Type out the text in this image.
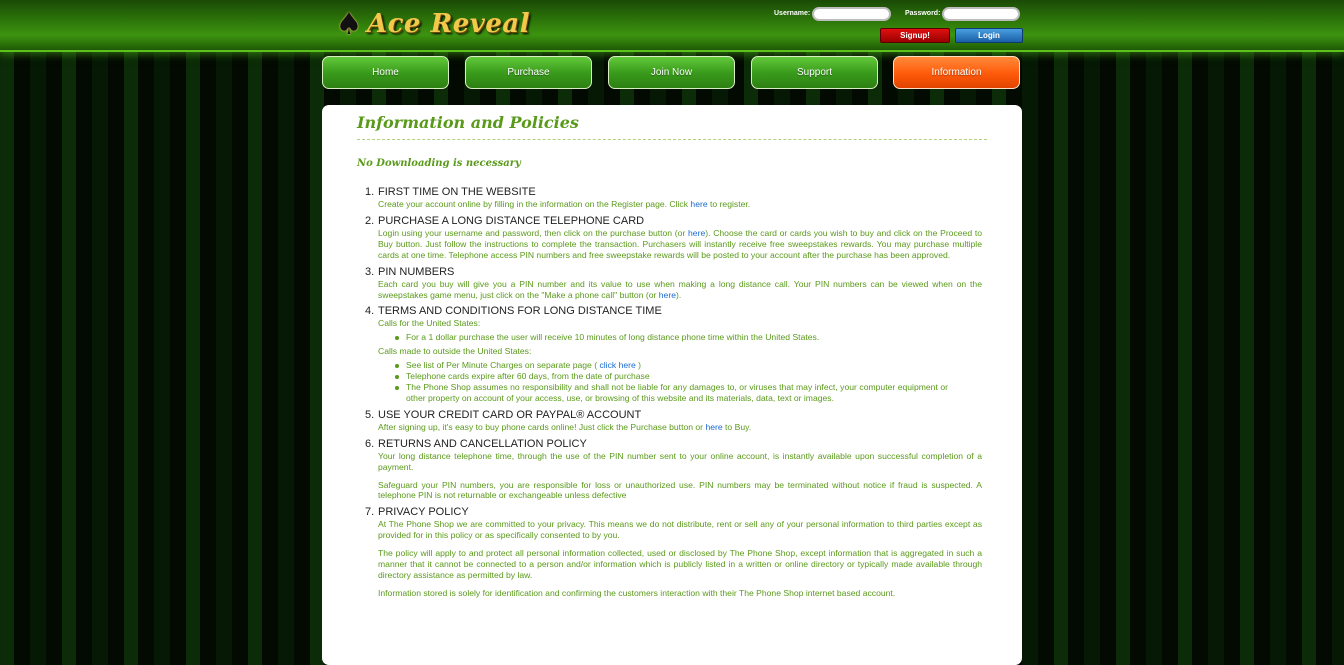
♠ Ace Reveal	Username:	Password:
Signup!	Login
Home	Purchase	Join Now	Support	Information
Information and Policies
No Downloading is necessary
1. FIRST TIME ON THE WEBSITE

Create your account online by filling in the information on the Register page. Click here to register.

2. PURCHASE A LONG DISTANCE TELEPHONE CARD

Login using your username and password, then click on the purchase button (or here). Choose the card or cards you wish to buy and click on the Proceed to Buy button. Just follow the instructions to complete the transaction. Purchasers will instantly receive free sweepstakes rewards. You may purchase multiple cards at one time. Telephone access PIN numbers and free sweepstake rewards will be posted to your account after the purchase has been approved.

3. PIN NUMBERS

Each card you buy will give you a PIN number and its value to use when making a long distance call. Your PIN numbers can be viewed when on the sweepstakes game menu, just click on the "Make a phone call" button (or here).

4. TERMS AND CONDITIONS FOR LONG DISTANCE TIME

Calls for the United States:

For a 1 dollar purchase the user will receive 10 minutes of long distance phone time within the United States.

Calls made to outside the United States:

See list of Per Minute Charges on separate page ( click here )
Telephone cards expire after 60 days, from the date of purchase
The Phone Shop assumes no responsibility and shall not be liable for any damages to, or viruses that may infect, your computer equipment or other property on account of your access, use, or browsing of this website and its materials, data, text or images.
5. USE YOUR CREDIT CARD OR PAYPAL® ACCOUNT

After signing up, it's easy to buy phone cards online! Just click the Purchase button or here to Buy.

6. RETURNS AND CANCELLATION POLICY

Your long distance telephone time, through the use of the PIN number sent to your online account, is instantly available upon successful completion of a payment.

Safeguard your PIN numbers, you are responsible for loss or unauthorized use. PIN numbers may be terminated without notice if fraud is suspected. A telephone PIN is not returnable or exchangeable unless defective

7. PRIVACY POLICY

At The Phone Shop we are committed to your privacy. This means we do not distribute, rent or sell any of your personal information to third parties except as provided for in this policy or as specifically consented to by you.

The policy will apply to and protect all personal information collected, used or disclosed by The Phone Shop, except information that is aggregated in such a manner that it cannot be connected to a person and/or information which is publicly listed in a written or online directory or typically made available through directory assistance as permitted by law.

Information stored is solely for identification and confirming the customers interaction with their The Phone Shop internet based account.
